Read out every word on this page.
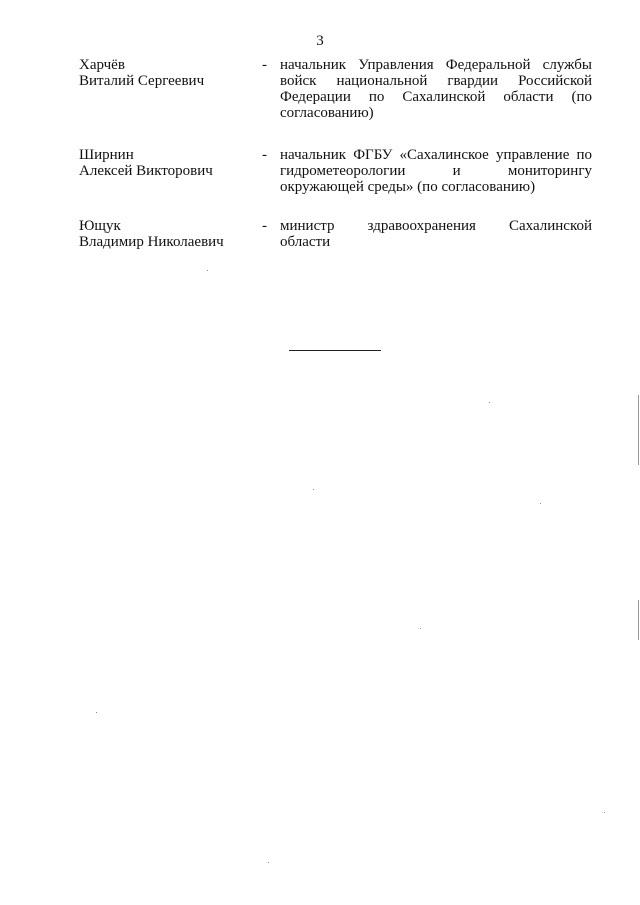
3
Харчёв
Виталий Сергеевич
- начальник Управления Федеральной службы
войск национальной гвардии Российской
Федерации по Сахалинской области (по
согласованию)
Ширнин
Алексей Викторович
- начальник ФГБУ «Сахалинское управление по
гидрометеорологии и мониторингу
окружающей среды» (по согласованию)
Ющук
Владимир Николаевич
- министр здравоохранения Сахалинской
области
